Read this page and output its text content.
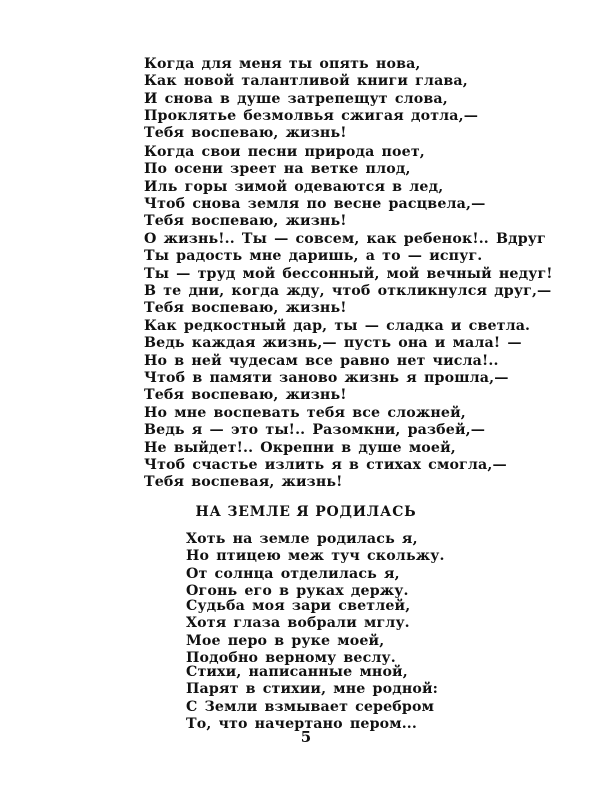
Когда для меня ты опять нова,
Как новой талантливой книги глава,
И снова в душе затрепещут слова,
Проклятье безмолвья сжигая дотла,—
Тебя воспеваю, жизнь!
Когда свои песни природа поет,
По осени зреет на ветке плод,
Иль горы зимой одеваются в лед,
Чтоб снова земля по весне расцвела,—
Тебя воспеваю, жизнь!
О жизнь!.. Ты — совсем, как ребенок!.. Вдруг
Ты радость мне даришь, а то — испуг.
Ты — труд мой бессонный, мой вечный недуг!
В те дни, когда жду, чтоб откликнулся друг,—
Тебя воспеваю, жизнь!
Как редкостный дар, ты — сладка и светла.
Ведь каждая жизнь,— пусть она и мала! —
Но в ней чудесам все равно нет числа!..
Чтоб в памяти заново жизнь я прошла,—
Тебя воспеваю, жизнь!
Но мне воспевать тебя все сложней,
Ведь я — это ты!.. Разомкни, разбей,—
Не выйдет!.. Окрепни в душе моей,
Чтоб счастье излить я в стихах смогла,—
Тебя воспевая, жизнь!
НА ЗЕМЛЕ Я РОДИЛАСЬ
Хоть на земле родилась я,
Но птицею меж туч скольжу.
От солнца отделилась я,
Огонь его в руках держу.
Судьба моя зари светлей,
Хотя глаза вобрали мглу.
Мое перо в руке моей,
Подобно верному веслу.
Стихи, написанные мной,
Парят в стихии, мне родной:
С Земли взмывает серебром
То, что начертано пером...
5
